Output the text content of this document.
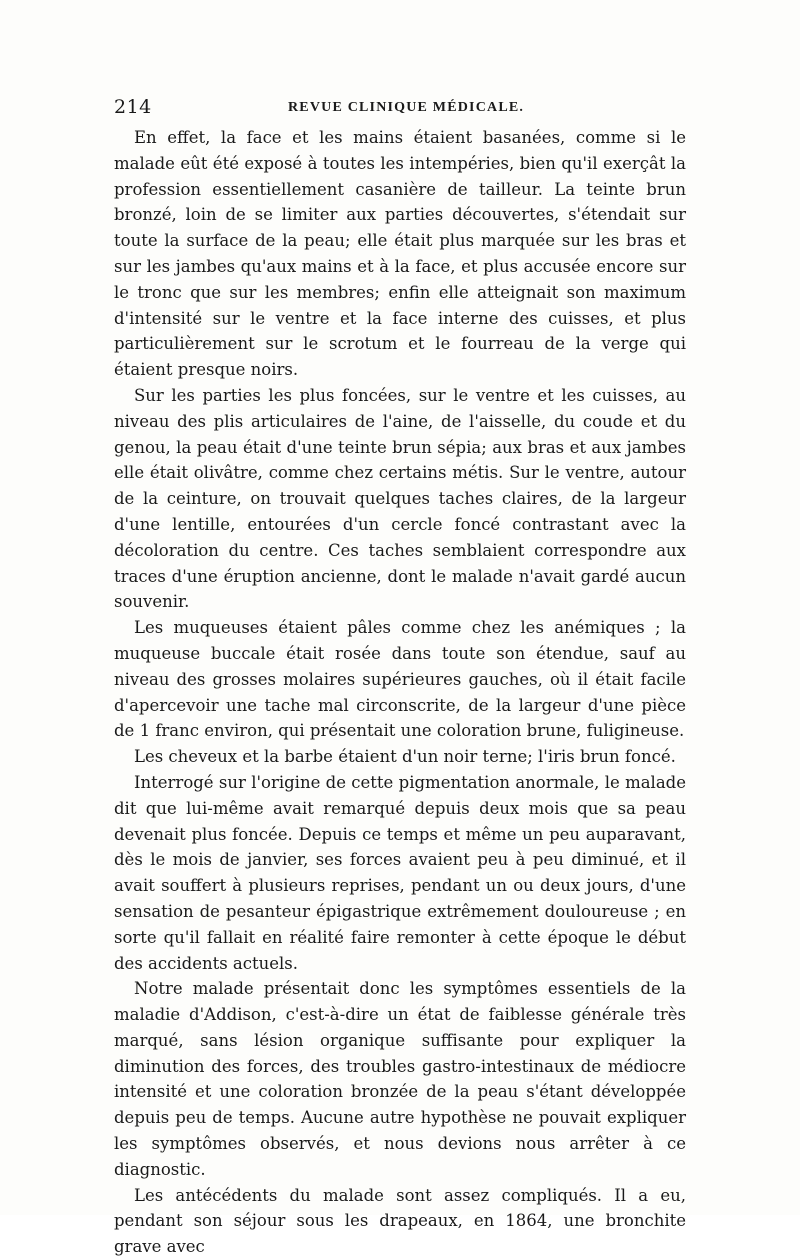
214	REVUE CLINIQUE MÉDICALE.

En effet, la face et les mains étaient basanées, comme si le malade eût été exposé à toutes les intempéries, bien qu'il exerçât la profession essentiellement casanière de tailleur. La teinte brun bronzé, loin de se limiter aux parties découvertes, s'étendait sur toute la surface de la peau; elle était plus marquée sur les bras et sur les jambes qu'aux mains et à la face, et plus accusée encore sur le tronc que sur les membres; enfin elle atteignait son maximum d'intensité sur le ventre et la face interne des cuisses, et plus particulièrement sur le scrotum et le fourreau de la verge qui étaient presque noirs.

Sur les parties les plus foncées, sur le ventre et les cuisses, au niveau des plis articulaires de l'aine, de l'aisselle, du coude et du genou, la peau était d'une teinte brun sépia; aux bras et aux jambes elle était olivâtre, comme chez certains métis. Sur le ventre, autour de la ceinture, on trouvait quelques taches claires, de la largeur d'une lentille, entourées d'un cercle foncé contrastant avec la décoloration du centre. Ces taches semblaient correspondre aux traces d'une éruption ancienne, dont le malade n'avait gardé aucun souvenir.

Les muqueuses étaient pâles comme chez les anémiques ; la muqueuse buccale était rosée dans toute son étendue, sauf au niveau des grosses molaires supérieures gauches, où il était facile d'apercevoir une tache mal circonscrite, de la largeur d'une pièce de 1 franc environ, qui présentait une coloration brune, fuligineuse.

Les cheveux et la barbe étaient d'un noir terne; l'iris brun foncé.

Interrogé sur l'origine de cette pigmentation anormale, le malade dit que lui-même avait remarqué depuis deux mois que sa peau devenait plus foncée. Depuis ce temps et même un peu auparavant, dès le mois de janvier, ses forces avaient peu à peu diminué, et il avait souffert à plusieurs reprises, pendant un ou deux jours, d'une sensation de pesanteur épigastrique extrêmement douloureuse ; en sorte qu'il fallait en réalité faire remonter à cette époque le début des accidents actuels.

Notre malade présentait donc les symptômes essentiels de la maladie d'Addison, c'est-à-dire un état de faiblesse générale très marqué, sans lésion organique suffisante pour expliquer la diminution des forces, des troubles gastro-intestinaux de médiocre intensité et une coloration bronzée de la peau s'étant développée depuis peu de temps. Aucune autre hypothèse ne pouvait expliquer les symptômes observés, et nous devions nous arrêter à ce diagnostic.

Les antécédents du malade sont assez compliqués. Il a eu, pendant son séjour sous les drapeaux, en 1864, une bronchite grave avec
